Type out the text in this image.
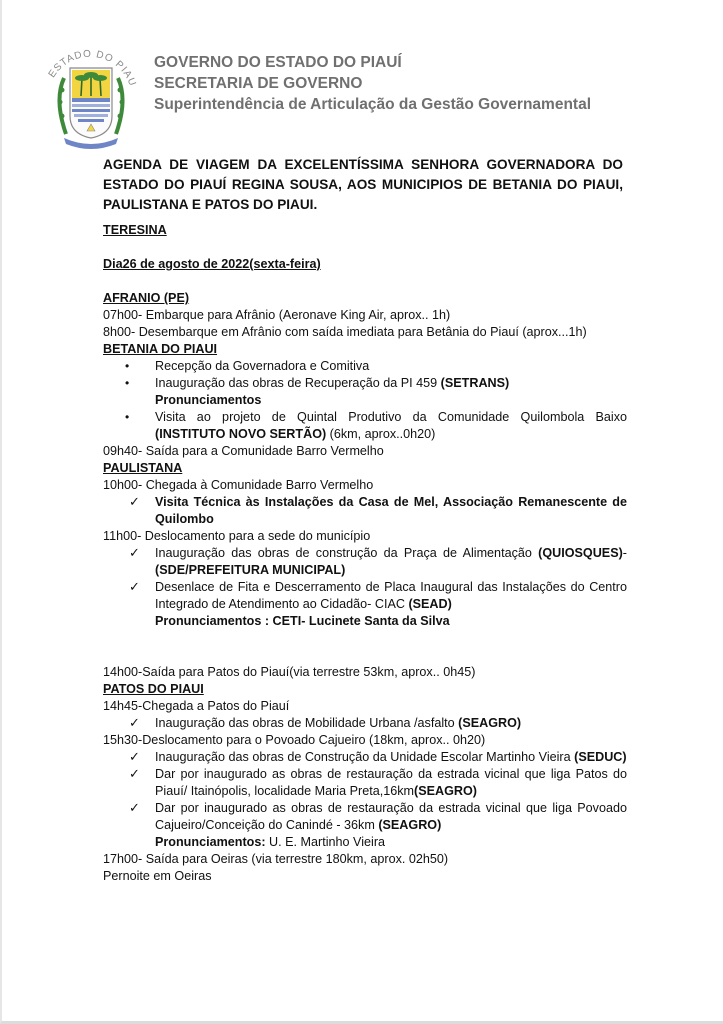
ESTADO DO PIAU
GOVERNO DO ESTADO DO PIAUÍ
SECRETARIA DE GOVERNO
Superintendência de Articulação da Gestão Governamental
AGENDA DE VIAGEM DA EXCELENTÍSSIMA SENHORA GOVERNADORA DO ESTADO DO PIAUÍ REGINA SOUSA, AOS MUNICIPIOS DE BETANIA DO PIAUI, PAULISTANA E PATOS DO PIAUI.
TERESINA
Dia26 de agosto de 2022(sexta-feira)
AFRANIO (PE)
07h00- Embarque para Afrânio (Aeronave King Air, aprox.. 1h)
8h00- Desembarque em Afrânio com saída imediata para Betânia do Piauí (aprox...1h)
BETANIA DO PIAUI
• Recepção da Governadora e Comitiva
• Inauguração das obras de Recuperação da PI 459 (SETRANS)
Pronunciamentos
• Visita ao projeto de Quintal Produtivo da Comunidade Quilombola Baixo (INSTITUTO NOVO SERTÃO) (6km, aprox..0h20)
09h40- Saída para a Comunidade Barro Vermelho
PAULISTANA
10h00- Chegada à Comunidade Barro Vermelho
✓ Visita Técnica às Instalações da Casa de Mel, Associação Remanescente de Quilombo
11h00- Deslocamento para a sede do município
✓ Inauguração das obras de construção da Praça de Alimentação (QUIOSQUES)- (SDE/PREFEITURA MUNICIPAL)
✓ Desenlace de Fita e Descerramento de Placa Inaugural das Instalações do Centro Integrado de Atendimento ao Cidadão- CIAC (SEAD)
Pronunciamentos : CETI- Lucinete Santa da Silva
14h00-Saída para Patos do Piauí(via terrestre 53km, aprox.. 0h45)
PATOS DO PIAUI
14h45-Chegada a Patos do Piauí
✓ Inauguração das obras de Mobilidade Urbana /asfalto (SEAGRO)
15h30-Deslocamento para o Povoado Cajueiro (18km, aprox.. 0h20)
✓ Inauguração das obras de Construção da Unidade Escolar Martinho Vieira (SEDUC)
✓ Dar por inaugurado as obras de restauração da estrada vicinal que liga Patos do Piauí/ Itainópolis, localidade Maria Preta,16km(SEAGRO)
✓ Dar por inaugurado as obras de restauração da estrada vicinal que liga Povoado Cajueiro/Conceição do Canindé - 36km (SEAGRO)
Pronunciamentos: U. E. Martinho Vieira
17h00- Saída para Oeiras (via terrestre 180km, aprox. 02h50)
Pernoite em Oeiras
